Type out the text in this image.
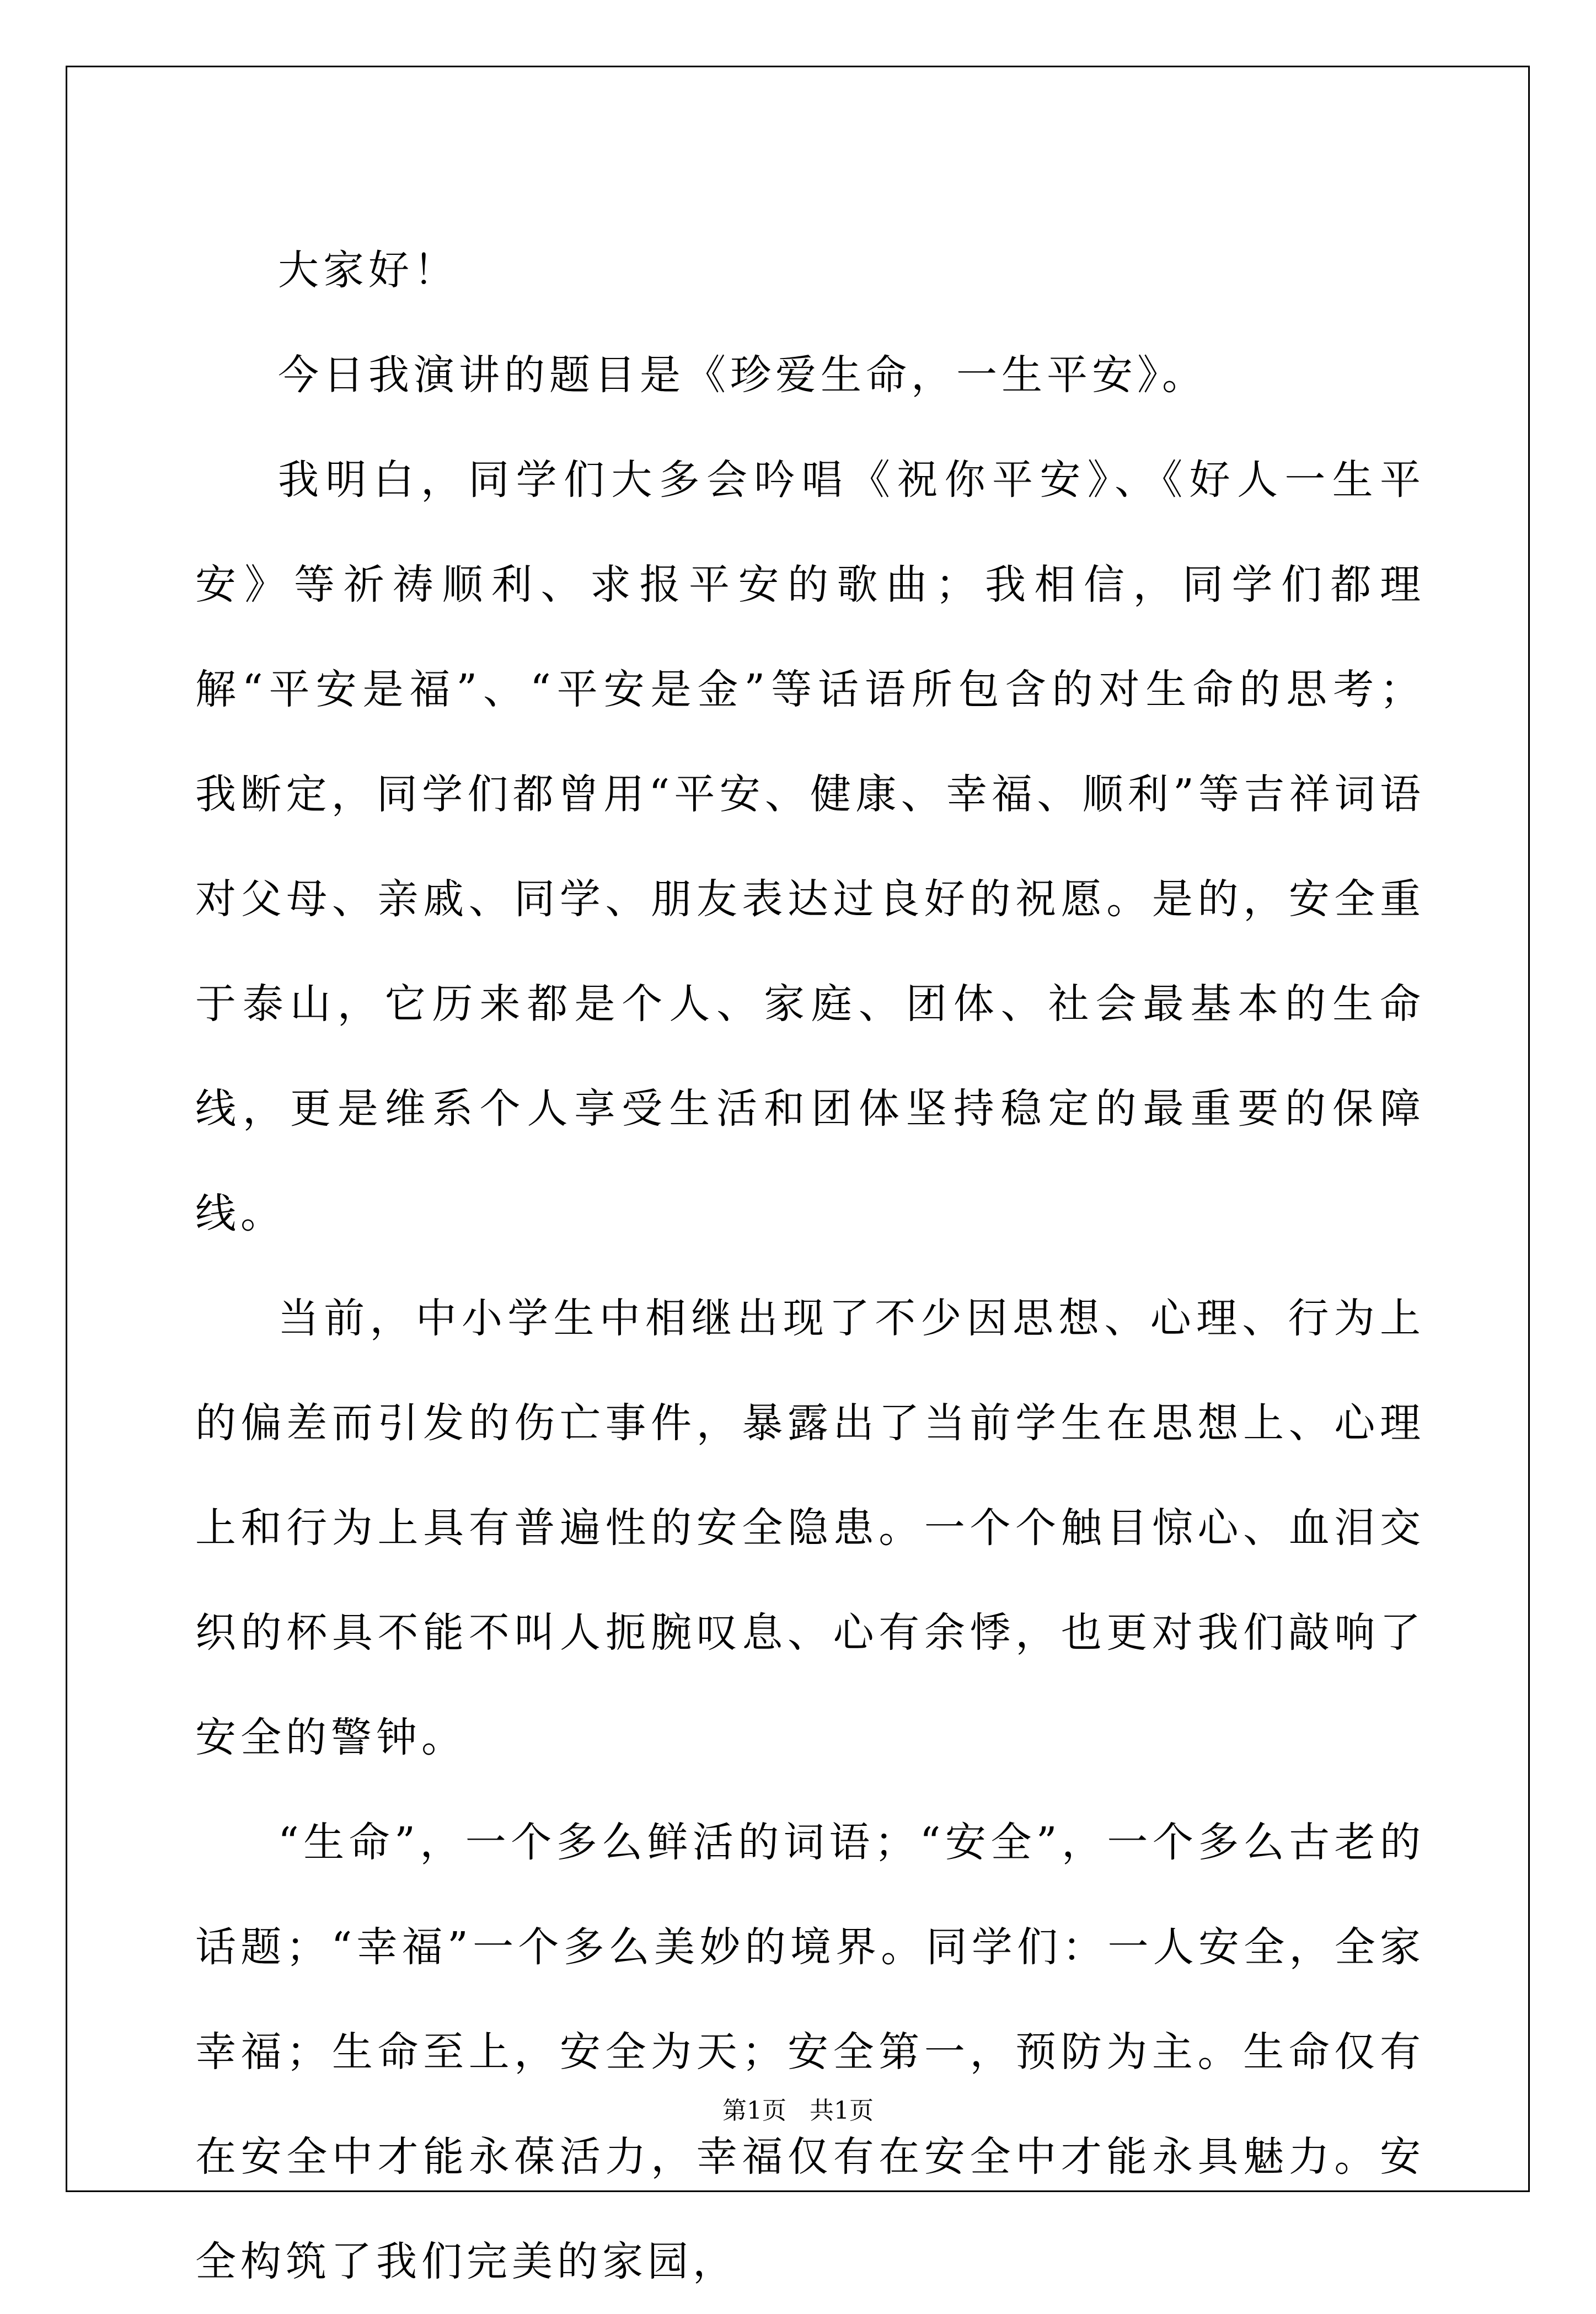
大家好！

今日我演讲的题目是《珍爱生命，一生平安》。

我明白，同学们大多会吟唱《祝你平安》、《好人一生平安》等祈祷顺利、求报平安的歌曲；我相信，同学们都理解“平安是福”、“平安是金”等话语所包含的对生命的思考；我断定，同学们都曾用“平安、健康、幸福、顺利”等吉祥词语对父母、亲戚、同学、朋友表达过良好的祝愿。是的，安全重于泰山，它历来都是个人、家庭、团体、社会最基本的生命线，更是维系个人享受生活和团体坚持稳定的最重要的保障线。

当前，中小学生中相继出现了不少因思想、心理、行为上的偏差而引发的伤亡事件，暴露出了当前学生在思想上、心理上和行为上具有普遍性的安全隐患。一个个触目惊心、血泪交织的杯具不能不叫人扼腕叹息、心有余悸，也更对我们敲响了安全的警钟。

“生命”，一个多么鲜活的词语；“安全”，一个多么古老的话题；“幸福”一个多么美妙的境界。同学们：一人安全，全家幸福；生命至上，安全为天；安全第一，预防为主。生命仅有在安全中才能永葆活力，幸福仅有在安全中才能永具魅力。安全构筑了我们完美的家园，

第1页   共1页
